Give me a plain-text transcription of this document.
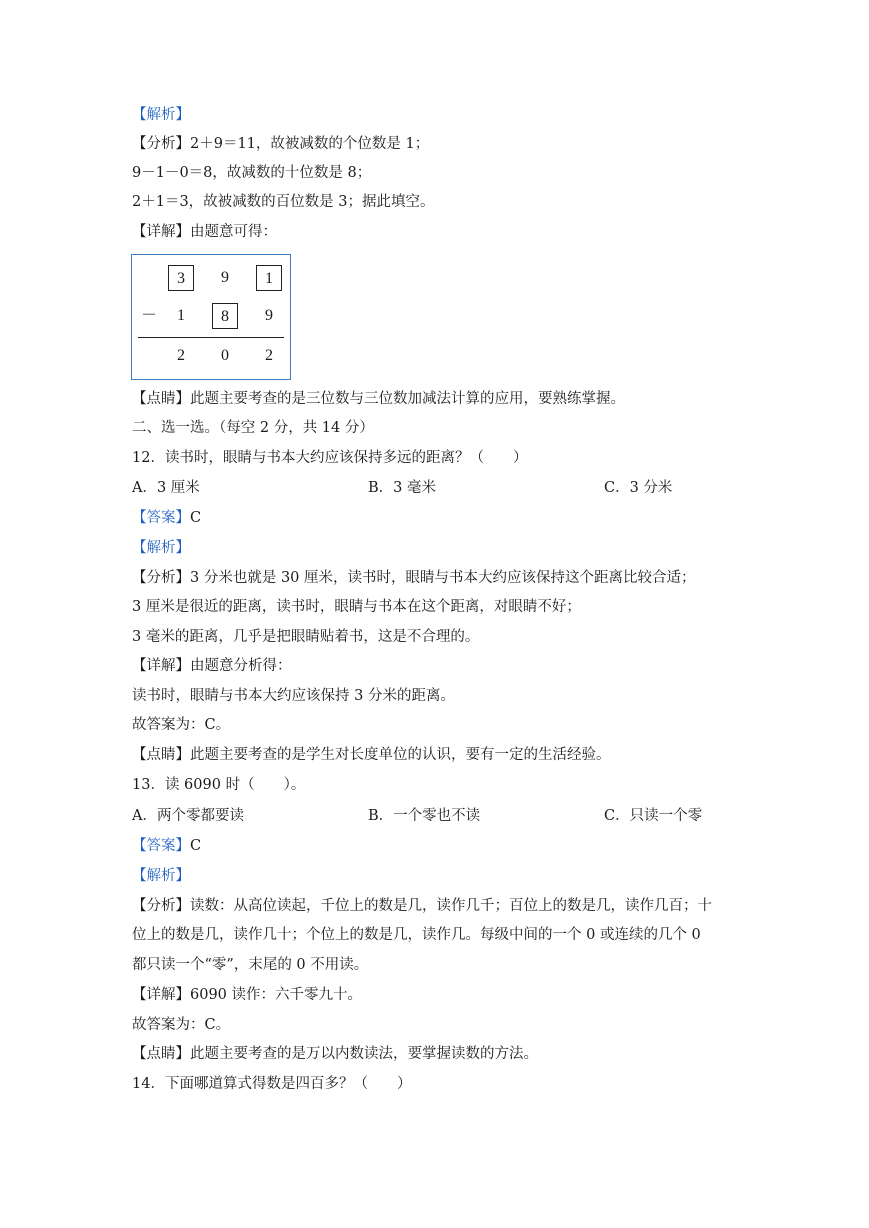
【解析】
【分析】2＋9＝11，故被减数的个位数是 1；
9－1－0＝8，故减数的十位数是 8；
2＋1＝3，故被减数的百位数是 3；据此填空。
【详解】由题意可得：
3	9	1
－	1	8	9
2	0	2
【点睛】此题主要考查的是三位数与三位数加减法计算的应用，要熟练掌握。
二、选一选。（每空 2 分，共 14 分）
12．读书时，眼睛与书本大约应该保持多远的距离？（　　）
A．3 厘米	B．3 毫米	C．3 分米
【答案】C
【解析】
【分析】3 分米也就是 30 厘米，读书时，眼睛与书本大约应该保持这个距离比较合适；
3 厘米是很近的距离，读书时，眼睛与书本在这个距离，对眼睛不好；
3 毫米的距离，几乎是把眼睛贴着书，这是不合理的。
【详解】由题意分析得：
读书时，眼睛与书本大约应该保持 3 分米的距离。
故答案为：C。
【点睛】此题主要考查的是学生对长度单位的认识，要有一定的生活经验。
13．读 6090 时（　　）。
A．两个零都要读	B．一个零也不读	C．只读一个零
【答案】C
【解析】
【分析】读数：从高位读起，千位上的数是几，读作几千；百位上的数是几，读作几百；十
位上的数是几，读作几十；个位上的数是几，读作几。每级中间的一个 0 或连续的几个 0
都只读一个“零”，末尾的 0 不用读。
【详解】6090 读作：六千零九十。
故答案为：C。
【点睛】此题主要考查的是万以内数读法，要掌握读数的方法。
14．下面哪道算式得数是四百多？（　　）
